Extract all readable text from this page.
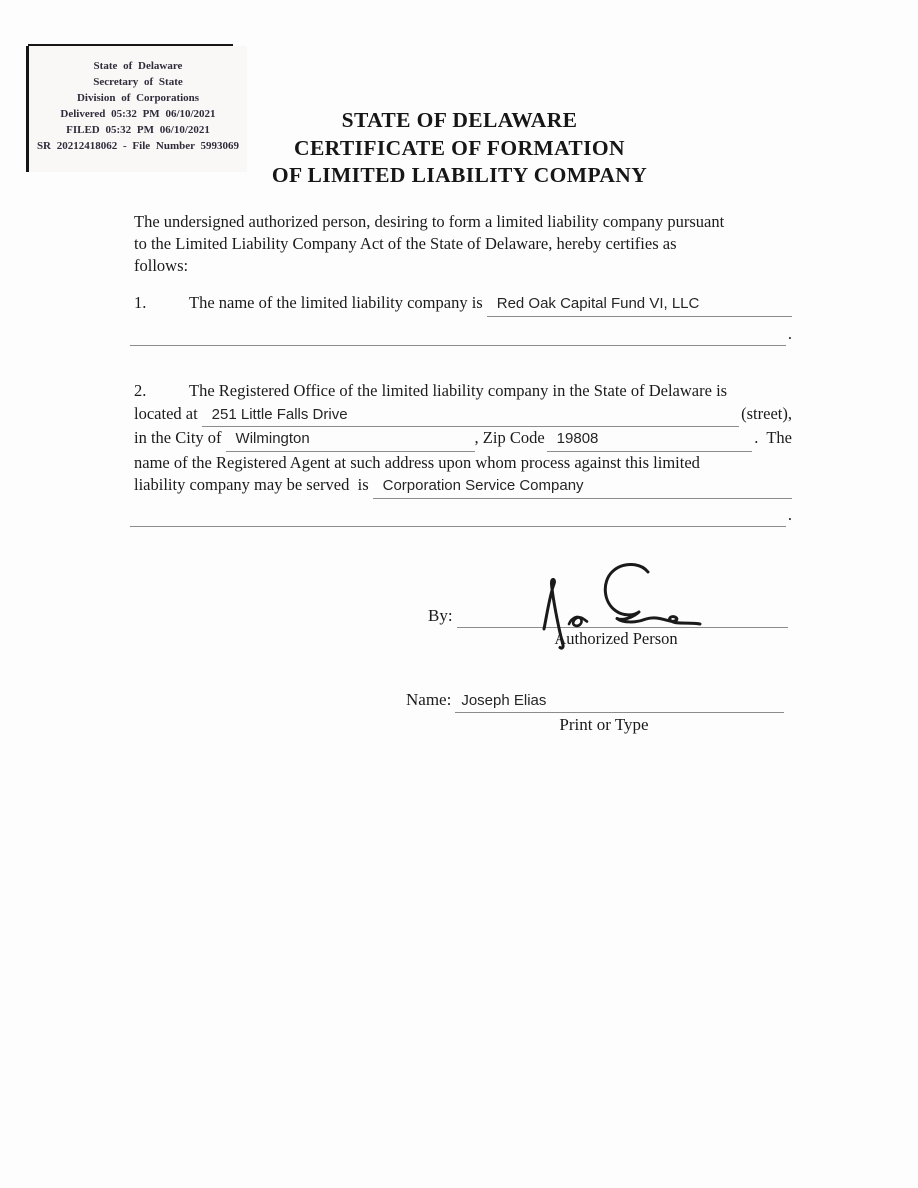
State of Delaware
Secretary of State
Division of Corporations
Delivered 05:32 PM 06/10/2021
FILED 05:32 PM 06/10/2021
SR 20212418062 - File Number 5993069
STATE OF DELAWARE
CERTIFICATE OF FORMATION
OF LIMITED LIABILITY COMPANY
The undersigned authorized person, desiring to form a limited liability company pursuant
to the Limited Liability Company Act of the State of Delaware, hereby certifies as
follows:
1.	The name of the limited liability company is Red Oak Capital Fund VI, LLC
.
2.	The Registered Office of the limited liability company in the State of Delaware is
located at 251 Little Falls Drive	(street),
in the City of Wilmington	, Zip Code 19808	.  The
name of the Registered Agent at such address upon whom process against this limited
liability company may be served  is Corporation Service Company
.
By:
Authorized Person
Name: Joseph Elias
Print or Type
